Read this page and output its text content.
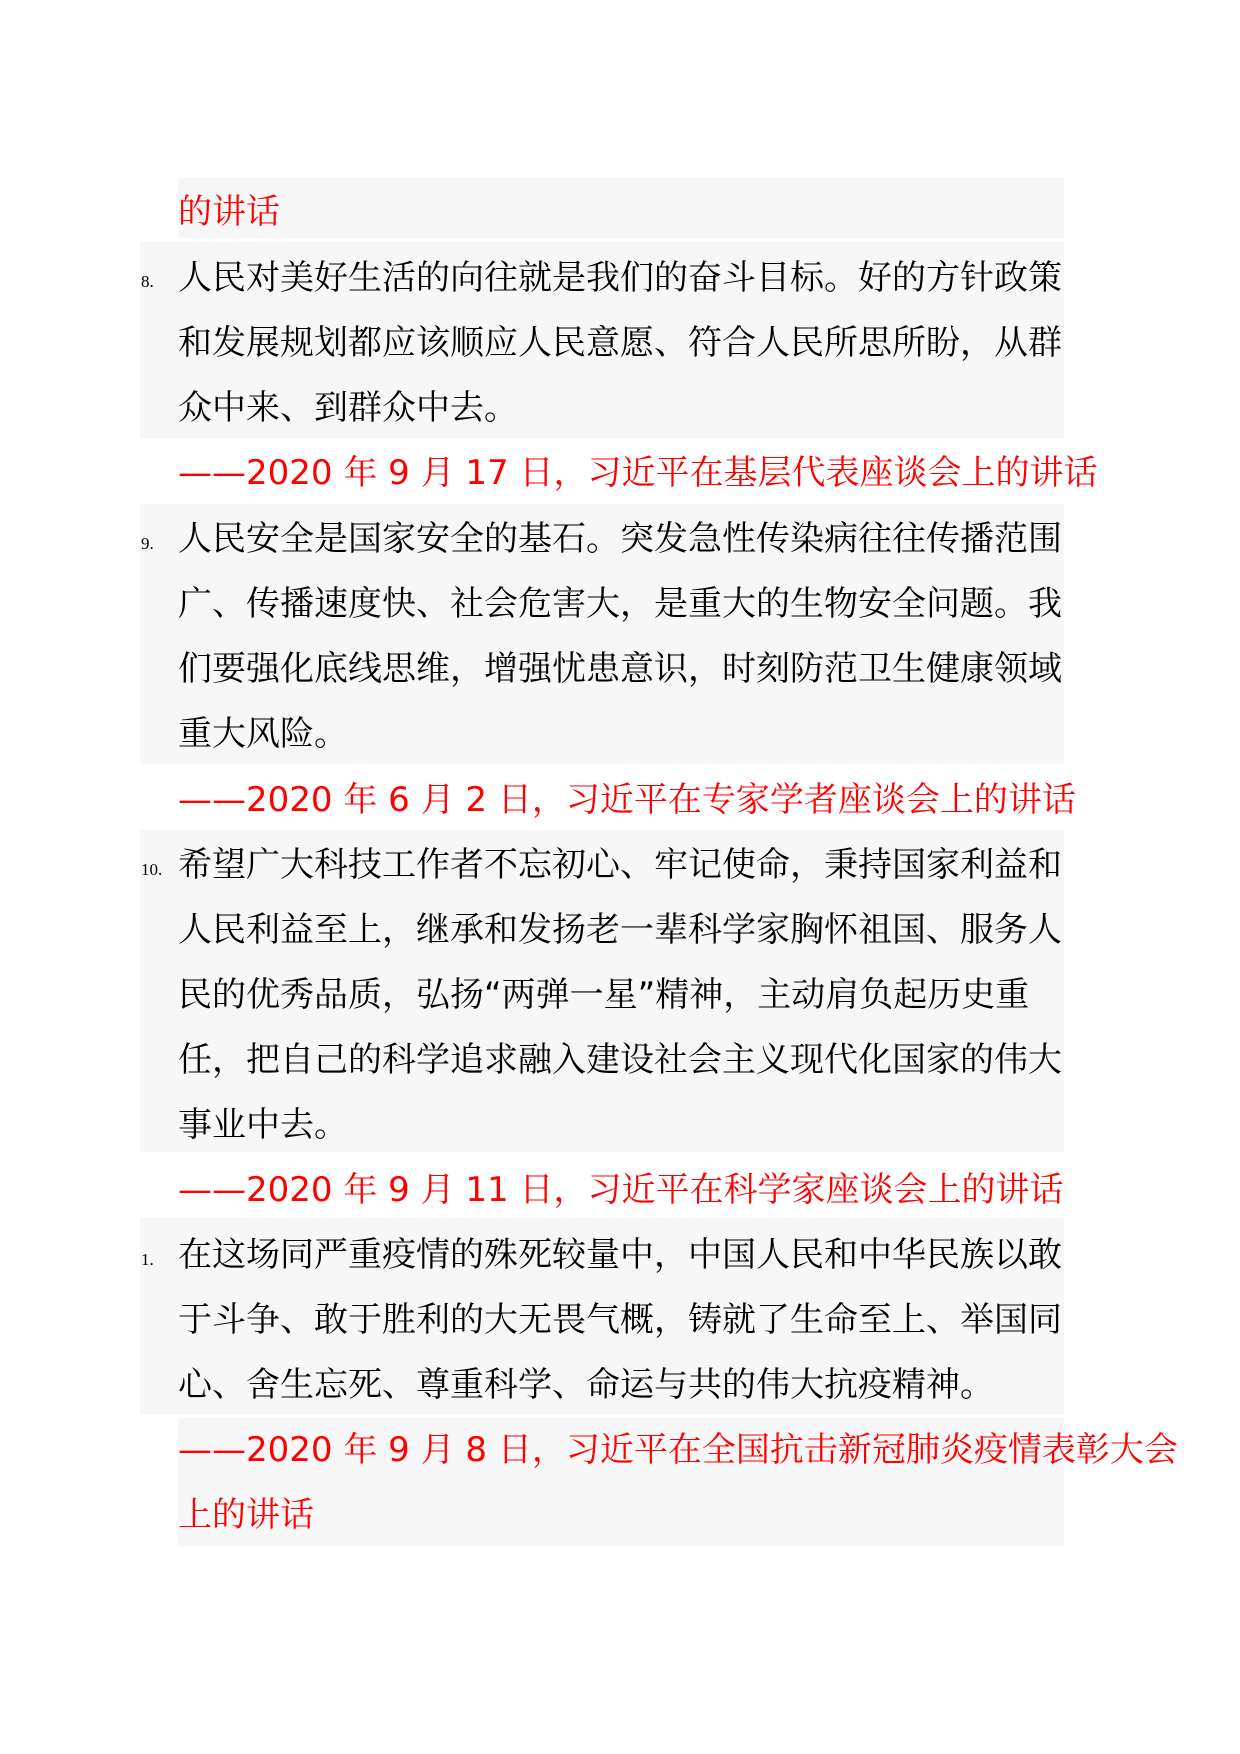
的讲话
8. 人民对美好生活的向往就是我们的奋斗目标。好的方针政策
和发展规划都应该顺应人民意愿、符合人民所思所盼，从群
众中来、到群众中去。
——2020 年 9 月 17 日，习近平在基层代表座谈会上的讲话
9. 人民安全是国家安全的基石。突发急性传染病往往传播范围
广、传播速度快、社会危害大，是重大的生物安全问题。我
们要强化底线思维，增强忧患意识，时刻防范卫生健康领域
重大风险。
——2020 年 6 月 2 日，习近平在专家学者座谈会上的讲话
10. 希望广大科技工作者不忘初心、牢记使命，秉持国家利益和
人民利益至上，继承和发扬老一辈科学家胸怀祖国、服务人
民的优秀品质，弘扬“两弹一星”精神，主动肩负起历史重
任，把自己的科学追求融入建设社会主义现代化国家的伟大
事业中去。
——2020 年 9 月 11 日，习近平在科学家座谈会上的讲话
1. 在这场同严重疫情的殊死较量中，中国人民和中华民族以敢
于斗争、敢于胜利的大无畏气概，铸就了生命至上、举国同
心、舍生忘死、尊重科学、命运与共的伟大抗疫精神。
——2020 年 9 月 8 日，习近平在全国抗击新冠肺炎疫情表彰大会
上的讲话
